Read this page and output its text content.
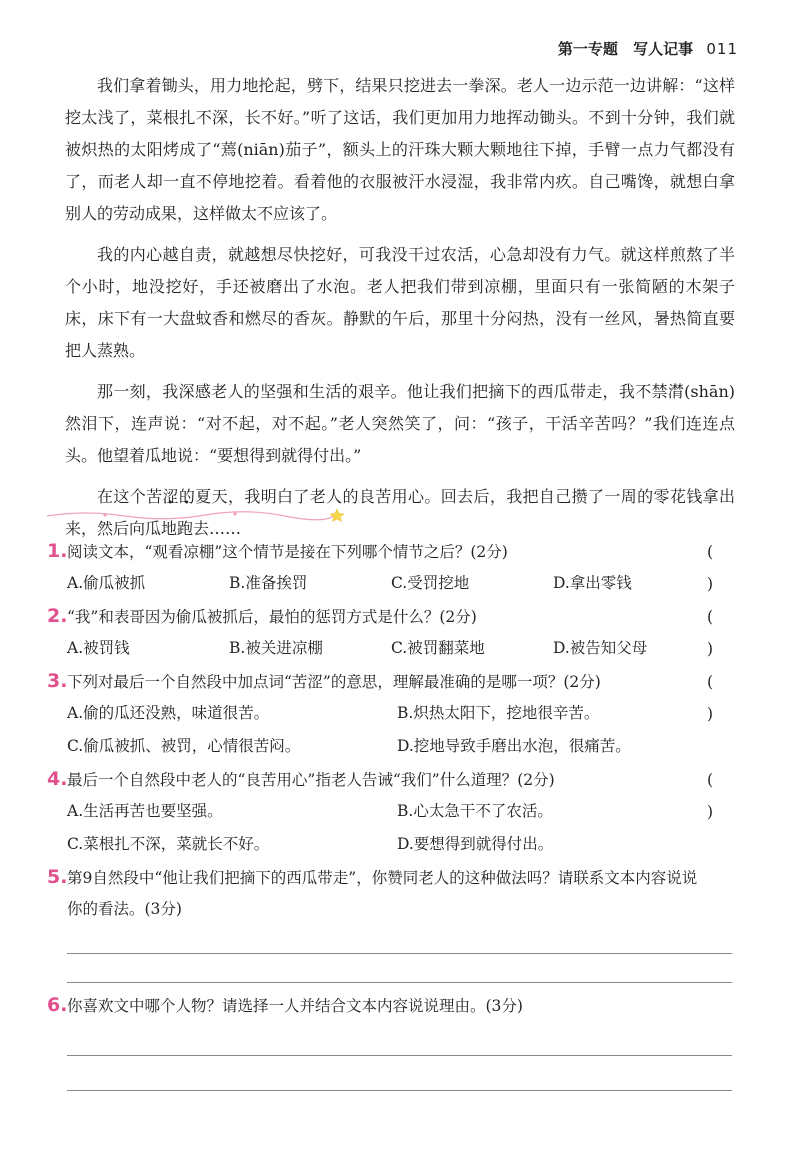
第一专题 写人记事 011

我们拿着锄头，用力地抡起，劈下，结果只挖进去一拳深。老人一边示范一边讲解：“这样挖太浅了，菜根扎不深，长不好。”听了这话，我们更加用力地挥动锄头。不到十分钟，我们就被炽热的太阳烤成了“蔫(niān)茄子”，额头上的汗珠大颗大颗地往下掉，手臂一点力气都没有了，而老人却一直不停地挖着。看着他的衣服被汗水浸湿，我非常内疚。自己嘴馋，就想白拿别人的劳动成果，这样做太不应该了。

我的内心越自责，就越想尽快挖好，可我没干过农活，心急却没有力气。就这样煎熬了半个小时，地没挖好，手还被磨出了水泡。老人把我们带到凉棚，里面只有一张简陋的木架子床，床下有一大盘蚊香和燃尽的香灰。静默的午后，那里十分闷热，没有一丝风，暑热简直要把人蒸熟。

那一刻，我深感老人的坚强和生活的艰辛。他让我们把摘下的西瓜带走，我不禁潸(shān)然泪下，连声说：“对不起，对不起。”老人突然笑了，问：“孩子，干活辛苦吗？”我们连连点头。他望着瓜地说：“要想得到就得付出。”

在这个苦涩的夏天，我明白了老人的良苦用心。回去后，我把自己攒了一周的零花钱拿出来，然后向瓜地跑去……

1 . 阅读文本，“观看凉棚”这个情节是接在下列哪个情节之后？(2分)	( )
A.偷瓜被抓	B.准备挨罚	C.受罚挖地	D.拿出零钱
2 . “我”和表哥因为偷瓜被抓后，最怕的惩罚方式是什么？(2分)	( )
A.被罚钱	B.被关进凉棚	C.被罚翻菜地	D.被告知父母
3 . 下列对最后一个自然段中加点词“苦涩”的意思，理解最准确的是哪一项？(2分)	( )
A.偷的瓜还没熟，味道很苦。	B.炽热太阳下，挖地很辛苦。
C.偷瓜被抓、被罚，心情很苦闷。	D.挖地导致手磨出水泡，很痛苦。
4 . 最后一个自然段中老人的“良苦用心”指老人告诫“我们”什么道理？(2分)	( )
A.生活再苦也要坚强。	B.心太急干不了农活。
C.菜根扎不深，菜就长不好。	D.要想得到就得付出。
5 . 第9自然段中“他让我们把摘下的西瓜带走”，你赞同老人的这种做法吗？请联系文本内容说说
你的看法。(3分)
6 . 你喜欢文中哪个人物？请选择一人并结合文本内容说说理由。(3分)
